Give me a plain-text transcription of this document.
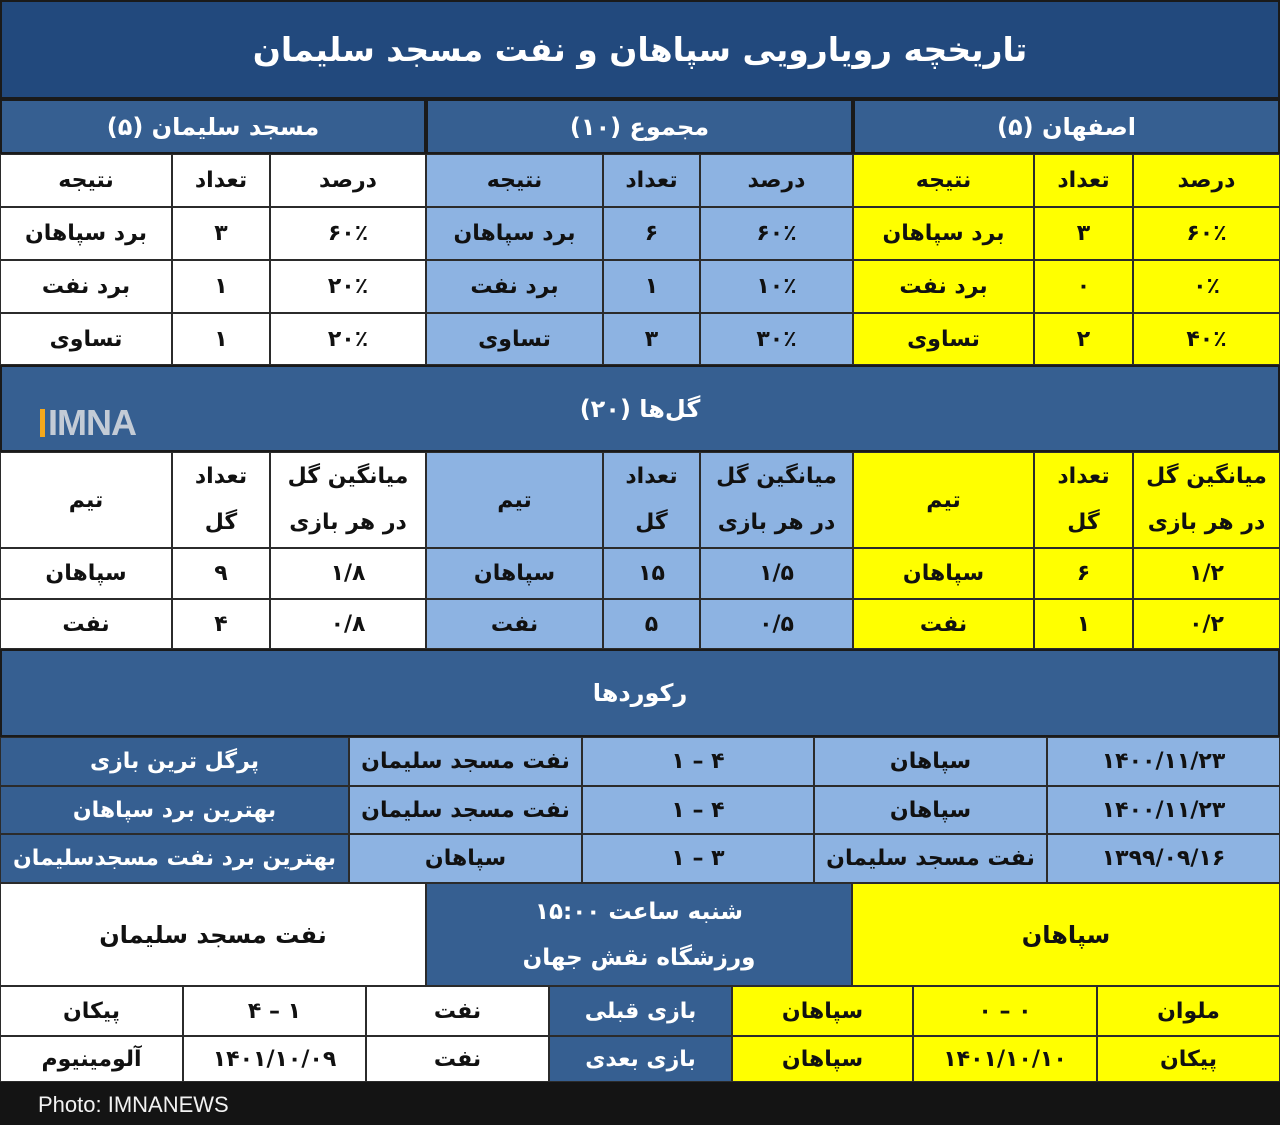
تاریخچه رویارویی سپاهان و نفت مسجد سلیمان
اصفهان (۵)
مجموع (۱۰)
مسجد سلیمان (۵)
درصد
تعداد
نتیجه
۶۰٪
۳
برد سپاهان
۰٪
۰
برد نفت
۴۰٪
۲
تساوی
درصد
تعداد
نتیجه
۶۰٪
۶
برد سپاهان
۱۰٪
۱
برد نفت
۳۰٪
۳
تساوی
درصد
تعداد
نتیجه
۶۰٪
۳
برد سپاهان
۲۰٪
۱
برد نفت
۲۰٪
۱
تساوی
گل‌ها (۲۰)
IMNA
میانگین گل
در هر بازی
تعداد
گل
تیم
۱/۲
۶
سپاهان
۰/۲
۱
نفت
میانگین گل
در هر بازی
تعداد
گل
تیم
۱/۵
۱۵
سپاهان
۰/۵
۵
نفت
میانگین گل
در هر بازی
تعداد
گل
تیم
۱/۸
۹
سپاهان
۰/۸
۴
نفت
رکوردها
۱۴۰۰/۱۱/۲۳
سپاهان
۴ – ۱
نفت مسجد سلیمان
پرگل ترین بازی
۱۴۰۰/۱۱/۲۳
سپاهان
۴ – ۱
نفت مسجد سلیمان
بهترین برد سپاهان
۱۳۹۹/۰۹/۱۶
نفت مسجد سلیمان
۳ – ۱
سپاهان
بهترین برد نفت مسجدسلیمان
سپاهان
شنبه ساعت ۱۵:۰۰
ورزشگاه نقش جهان
نفت مسجد سلیمان
ملوان
۰ – ۰
سپاهان
بازی قبلی
نفت
۱ – ۴
پیکان
پیکان
۱۴۰۱/۱۰/۱۰
سپاهان
بازی بعدی
نفت
۱۴۰۱/۱۰/۰۹
آلومینیوم
Photo: IMNANEWS
